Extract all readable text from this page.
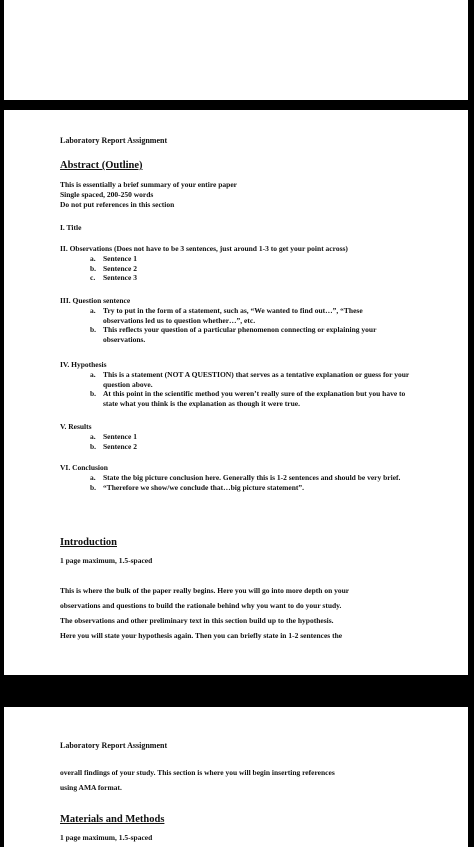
Laboratory Report Assignment

Abstract (Outline)

This is essentially a brief summary of your entire paper

Single spaced, 200-250 words

Do not put references in this section

I. Title

II. Observations (Does not have to be 3 sentences, just around 1-3 to get your point across)

a. Sentence 1
b. Sentence 2
c.	Sentence 3

III. Question sentence

a. Try to put in the form of a statement, such as, “We wanted to find out…”, “These observations led us to question whether…”, etc.
b. This reflects your question of a particular phenomenon connecting or explaining your observations.

IV. Hypothesis

a. This is a statement (NOT A QUESTION) that serves as a tentative explanation or guess for your question above.
b. At this point in the scientific method you weren’t really sure of the explanation but you have to state what you think is the explanation as though it were true.

V. Results

a. Sentence 1
b. Sentence 2

VI. Conclusion

a. State the big picture conclusion here. Generally this is 1-2 sentences and should be very brief.
b. “Therefore we show/we conclude that…big picture statement”.

Introduction

1 page maximum, 1.5-spaced

This is where the bulk of the paper really begins. Here you will go into more depth on your

observations and questions to build the rationale behind why you want to do your study.

The observations and other preliminary text in this section build up to the hypothesis.

Here you will state your hypothesis again. Then you can briefly state in 1-2 sentences the

Laboratory Report Assignment

overall findings of your study. This section is where you will begin inserting references

using AMA format.

Materials and Methods

1 page maximum, 1.5-spaced
